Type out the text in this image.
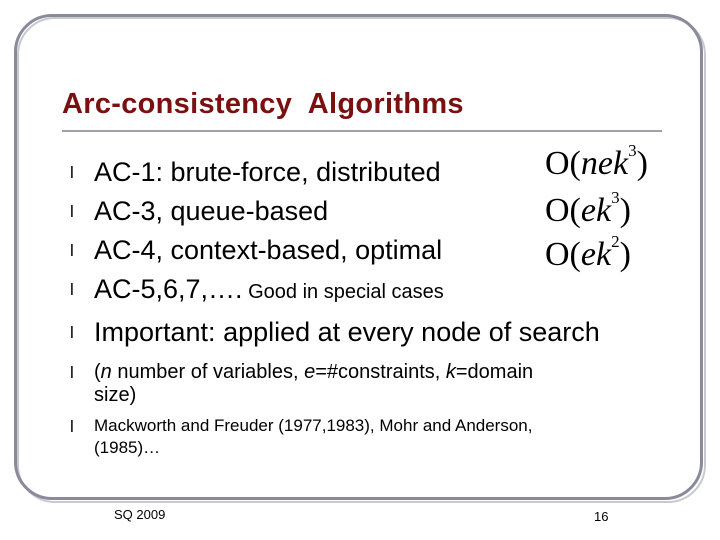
Arc-consistency  Algorithms
l AC-1: brute-force, distributed
l AC-3, queue-based
l AC-4, context-based, optimal
l AC-5,6,7,…. Good in special cases
l Important: applied at every node of search
l (n number of variables, e=#constraints, k=domain
size)
l Mackworth and Freuder (1977,1983), Mohr and Anderson,
(1985)…
O(nek$^3$)
$O(ek^3)$
$O(ek^2)$
SQ 2009	16
